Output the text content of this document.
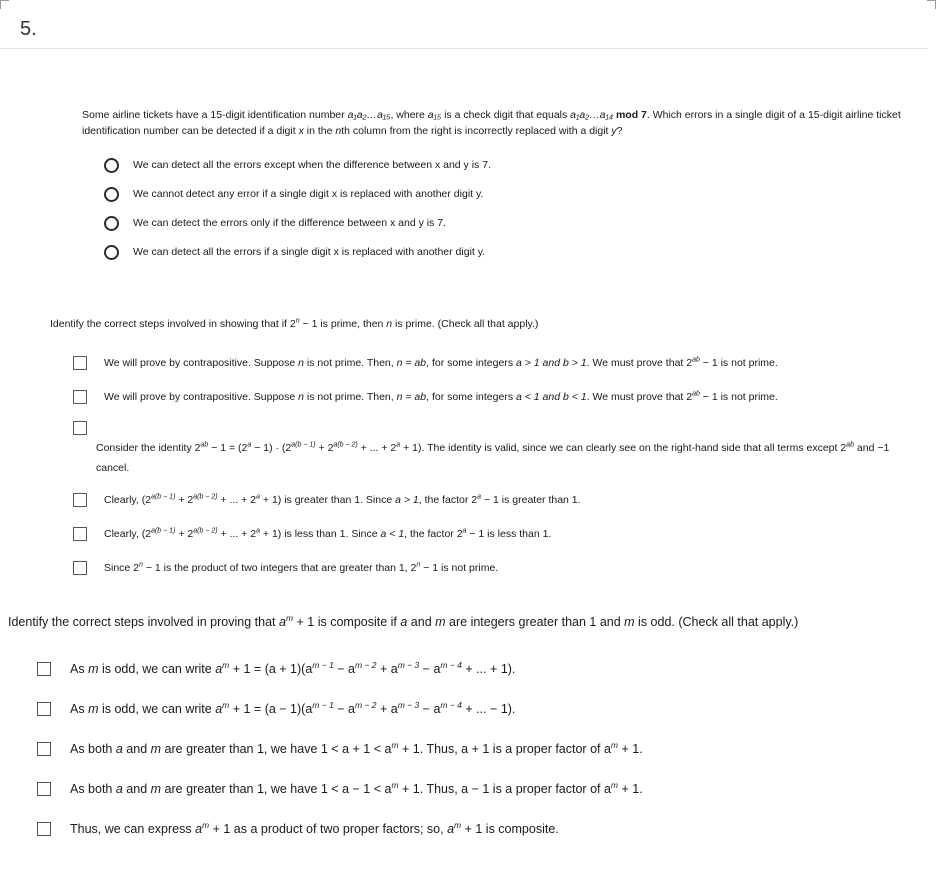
5.
Some airline tickets have a 15-digit identification number a₁a₂…a₁₅, where a₁₅ is a check digit that equals a₁a₂…a₁₄ mod 7. Which errors in a single digit of a 15-digit airline ticket identification number can be detected if a digit x in the nth column from the right is incorrectly replaced with a digit y?
We can detect all the errors except when the difference between x and y is 7.
We cannot detect any error if a single digit x is replaced with another digit y.
We can detect the errors only if the difference between x and y is 7.
We can detect all the errors if a single digit x is replaced with another digit y.
Identify the correct steps involved in showing that if $2^n - 1$ is prime, then n is prime. (Check all that apply.)
We will prove by contrapositive. Suppose n is not prime. Then, n = ab, for some integers a > 1 and b > 1. We must prove that $2^{ab} - 1$ is not prime.
We will prove by contrapositive. Suppose n is not prime. Then, n = ab, for some integers a < 1 and b < 1. We must prove that $2^{ab} - 1$ is not prime.
Consider the identity $2^{ab} - 1 = (2^a - 1) \cdot (2^{a(b - 1)} + 2^{a(b - 2)}$ + ... + $2^a + 1$). The identity is valid, since we can clearly see on the right-hand side that all terms except $2^{ab}$ and −1 cancel.
Clearly, ($2^{a(b - 1)} + 2^{a(b - 2)}$ + ... + $2^a + 1$) is greater than 1. Since a > 1, the factor $2^a - 1$ is greater than 1.
Clearly, ($2^{a(b - 1)} + 2^{a(b - 2)}$ + ... + $2^a + 1$) is less than 1. Since a < 1, the factor $2^a - 1$ is less than 1.
Since $2^n - 1$ is the product of two integers that are greater than 1, $2^n - 1$ is not prime.
Identify the correct steps involved in proving that $a^m + 1$ is composite if a and m are integers greater than 1 and m is odd. (Check all that apply.)
As m is odd, we can write $a^m + 1 = (a + 1)(a^{m - 1} - a^{m - 2} + a^{m - 3} - a^{m - 4}$ + ... + 1).
As m is odd, we can write $a^m + 1 = (a - 1)(a^{m - 1} - a^{m - 2} + a^{m - 3} - a^{m - 4}$ + ... − 1).
As both a and m are greater than 1, we have $1 < a + 1 < a^m + 1$. Thus, a + 1 is a proper factor of $a^m + 1$.
As both a and m are greater than 1, we have $1 < a - 1 < a^m + 1$. Thus, a − 1 is a proper factor of $a^m + 1$.
Thus, we can express $a^m + 1$ as a product of two proper factors; so, $a^m + 1$ is composite.
